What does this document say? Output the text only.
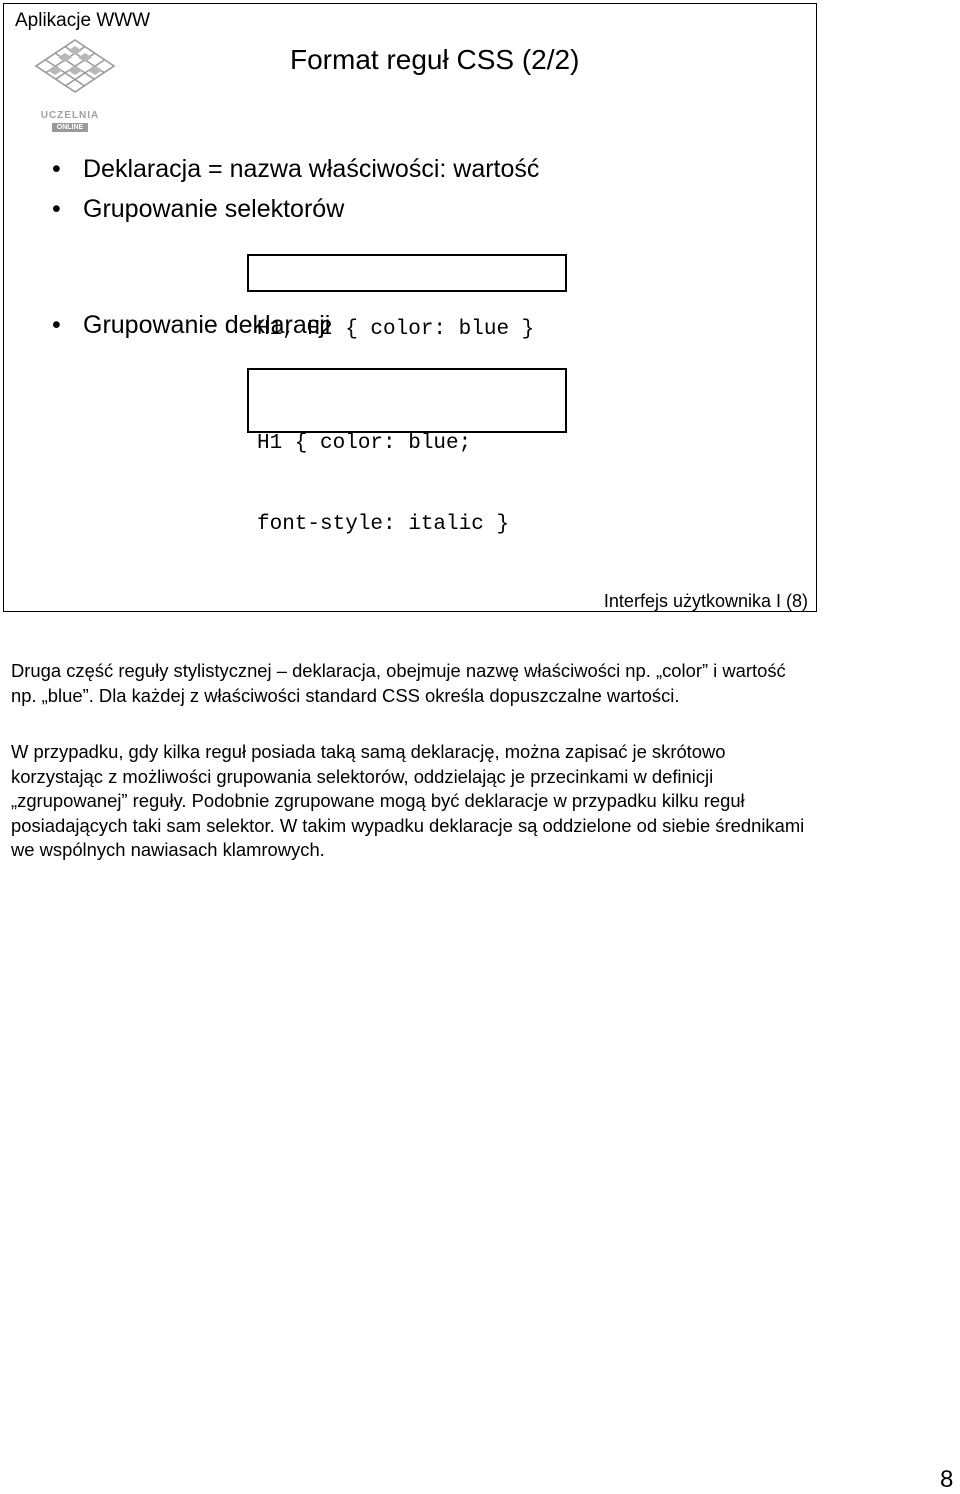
Aplikacje WWW
UCZELNIA
ONLINE
Format reguł CSS (2/2)
• Deklaracja = nazwa właściwości: wartość
• Grupowanie selektorów

H1, H2 { color: blue }

• Grupowanie deklaracji

H1 { color: blue;

font-style: italic }

Interfejs użytkownika I (8)
Druga część reguły stylistycznej – deklaracja, obejmuje nazwę właściwości np. „color” i wartość np. „blue”. Dla każdej z właściwości standard CSS określa dopuszczalne wartości.
W przypadku, gdy kilka reguł posiada taką samą deklarację, można zapisać je skrótowo korzystając z możliwości grupowania selektorów, oddzielając je przecinkami w definicji „zgrupowanej” reguły. Podobnie zgrupowane mogą być deklaracje w przypadku kilku reguł posiadających taki sam selektor. W takim wypadku deklaracje są oddzielone od siebie średnikami we wspólnych nawiasach klamrowych.
8
